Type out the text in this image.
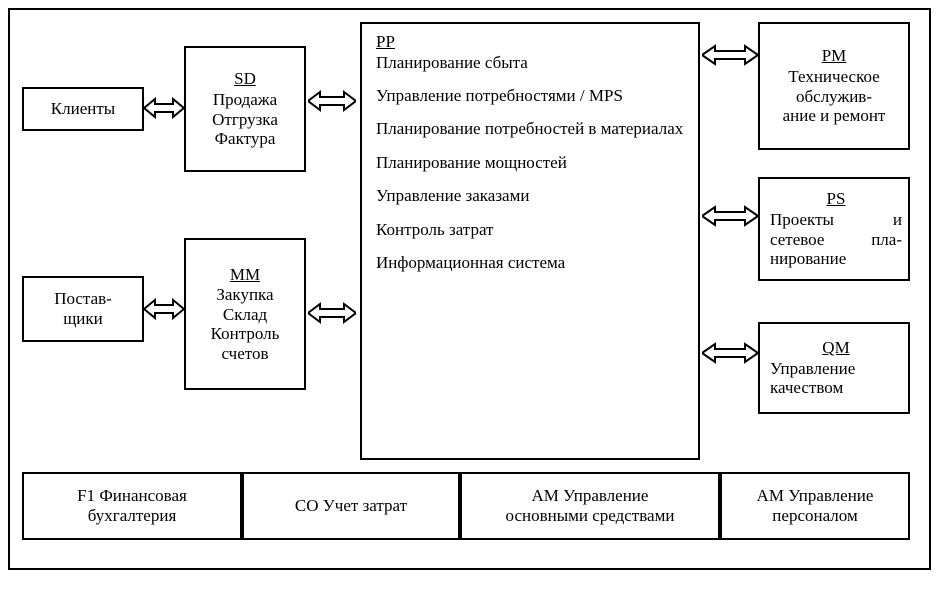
Клиенты
SD
Продажа
Отгрузка
Фактура
Постав-
щики
MM
Закупка
Склад
Контроль
счетов
PP
Планирование сбыта
Управление потребностями / MPS
Планирование потребностей в материалах
Планирование мощностей
Управление заказами
Контроль затрат
Информационная система
PM
Техническое
обслужив-
ание и ремонт
PS
Проекты и
сетевое пла-
нирование
QM
Управление
качеством
F1 Финансовая
бухгалтерия
CO Учет затрат
AM Управление
основными средствами
AM Управление
персоналом
